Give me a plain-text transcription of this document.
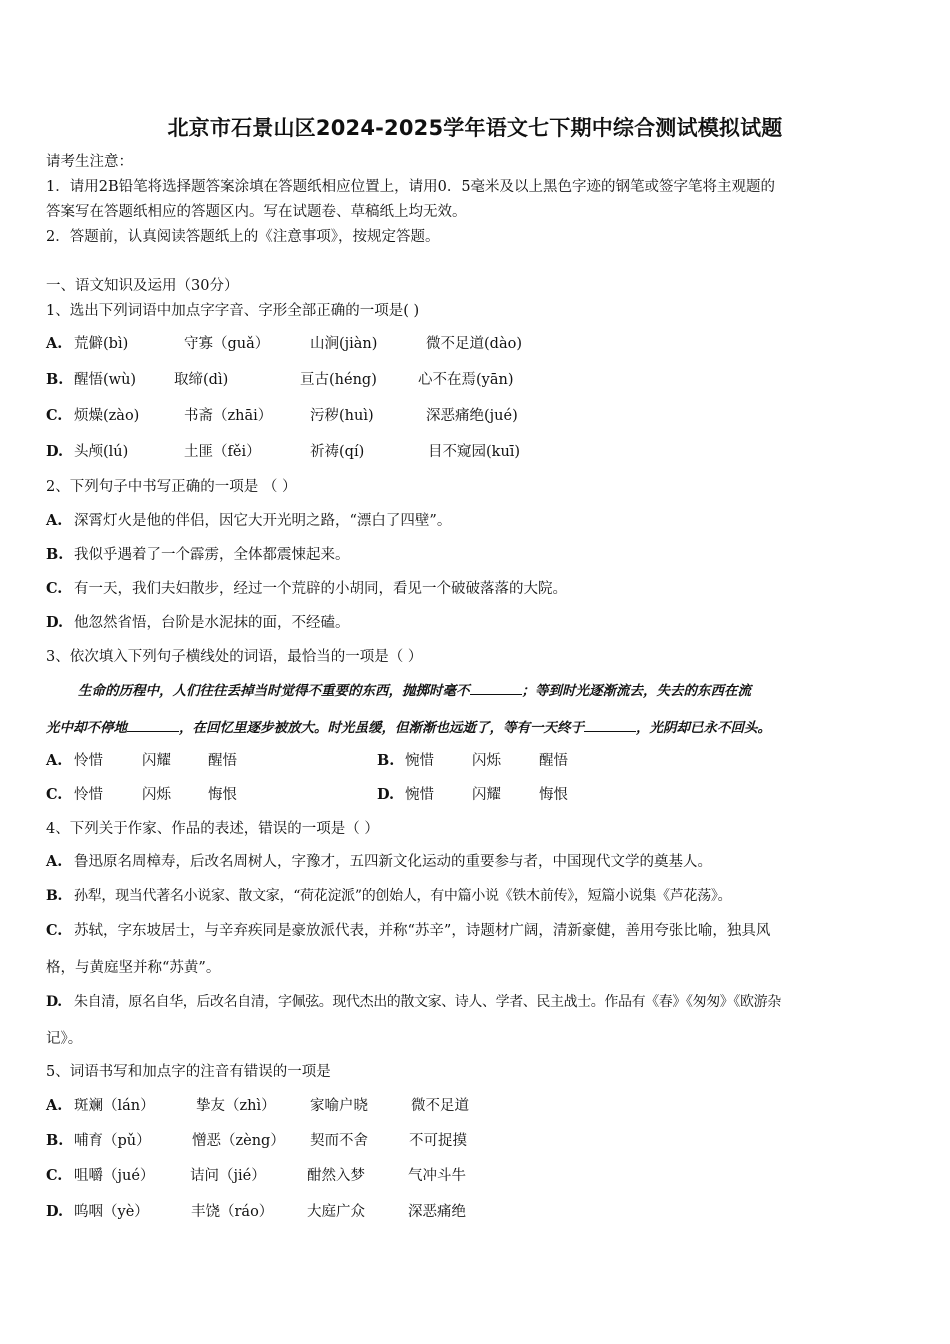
北京市石景山区2024-2025学年语文七下期中综合测试模拟试题
请考生注意：
1．请用2B铅笔将选择题答案涂填在答题纸相应位置上，请用0．5毫米及以上黑色字迹的钢笔或签字笔将主观题的
答案写在答题纸相应的答题区内。写在试题卷、草稿纸上均无效。
2．答题前，认真阅读答题纸上的《注意事项》，按规定答题。
一、语文知识及运用（30分）
1、选出下列词语中加点字字音、字形全部正确的一项是( )
A. 荒僻(bì)	守寡（guǎ）	山涧(jiàn)	微不足道(dào)
B. 醒悟(wù)	取缔(dì)	亘古(héng)	心不在焉(yān)
C. 烦燥(zào)	书斋（zhāi）	污秽(huì)	深恶痛绝(jué)
D. 头颅(lú)	土匪（fěi）	祈祷(qí)	目不窥园(kuī)
2、下列句子中书写正确的一项是 （ ）
A. 深霄灯火是他的伴侣，因它大开光明之路，“漂白了四壁”。
B. 我似乎遇着了一个霹雳，全体都震悚起来。
C. 有一天，我们夫妇散步，经过一个荒辟的小胡同，看见一个破破落落的大院。
D. 他忽然省悟，台阶是水泥抹的面，不经磕。
3、依次填入下列句子横线处的词语，最恰当的一项是（ ）
生命的历程中，人们往往丢掉当时觉得不重要的东西，抛掷时毫不	；等到时光逐渐流去，失去的东西在流
光中却不停地	，在回忆里逐步被放大。时光虽缓，但渐渐也远逝了，等有一天终于	，光阴却已永不回头。
A. 怜惜	闪耀	醒悟	B. 惋惜	闪烁	醒悟
C. 怜惜	闪烁	悔恨	D. 惋惜	闪耀	悔恨
4、下列关于作家、作品的表述，错误的一项是（ ）
A. 鲁迅原名周樟寿，后改名周树人，字豫才，五四新文化运动的重要参与者，中国现代文学的奠基人。
B. 孙犁，现当代著名小说家、散文家，“荷花淀派”的创始人，有中篇小说《铁木前传》，短篇小说集《芦花荡》。
C. 苏轼，字东坡居士，与辛弃疾同是豪放派代表，并称“苏辛”，诗题材广阔，清新豪健，善用夸张比喻，独具风
格，与黄庭坚并称“苏黄”。
D. 朱自清，原名自华，后改名自清，字佩弦。现代杰出的散文家、诗人、学者、民主战士。作品有《春》《匆匆》《欧游杂
记》。
5、词语书写和加点字的注音有错误的一项是
A. 斑斓（lán）	挚友（zhì） 家喻户晓	微不足道
B. 哺育（pǔ）	憎恶（zèng） 契而不舍	不可捉摸
C. 咀嚼（jué） 诘问（jié）	酣然入梦	气冲斗牛
D. 呜咽（yè）	丰饶（ráo） 大庭广众	深恶痛绝
